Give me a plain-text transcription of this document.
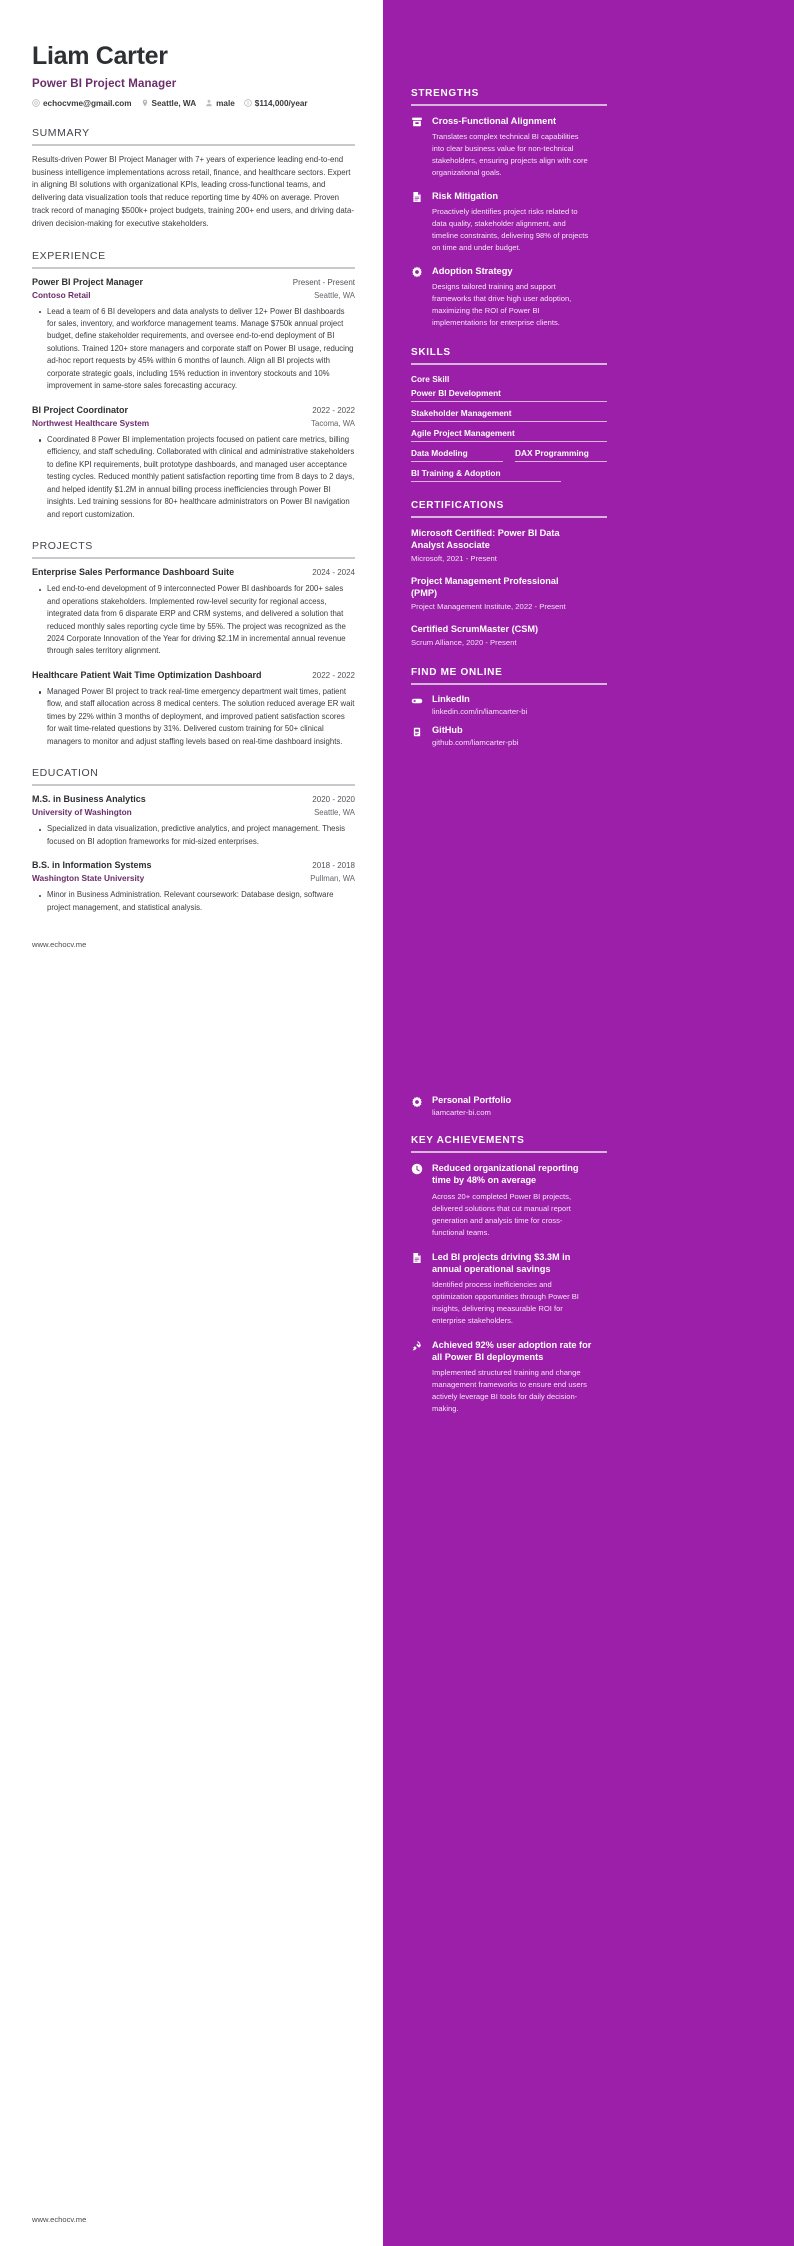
Liam Carter
Power BI Project Manager
echocvme@gmail.com Seattle, WA male $114,000/year
SUMMARY
Results-driven Power BI Project Manager with 7+ years of experience leading end-to-end business intelligence implementations across retail, finance, and healthcare sectors. Expert in aligning BI solutions with organizational KPIs, leading cross-functional teams, and delivering data visualization tools that reduce reporting time by 40% on average. Proven track record of managing $500k+ project budgets, training 200+ end users, and driving data-driven decision-making for executive stakeholders.
EXPERIENCE
Power BI Project Manager	Present - Present
Contoso Retail	Seattle, WA
Lead a team of 6 BI developers and data analysts to deliver 12+ Power BI dashboards for sales, inventory, and workforce management teams. Manage $750k annual project budget, define stakeholder requirements, and oversee end-to-end deployment of BI solutions. Trained 120+ store managers and corporate staff on Power BI usage, reducing ad-hoc report requests by 45% within 6 months of launch. Align all BI projects with corporate strategic goals, including 15% reduction in inventory stockouts and 10% improvement in same-store sales forecasting accuracy.
BI Project Coordinator	2022 - 2022
Northwest Healthcare System	Tacoma, WA
Coordinated 8 Power BI implementation projects focused on patient care metrics, billing efficiency, and staff scheduling. Collaborated with clinical and administrative stakeholders to define KPI requirements, built prototype dashboards, and managed user acceptance testing cycles. Reduced monthly patient satisfaction reporting time from 8 days to 2 days, and helped identify $1.2M in annual billing process inefficiencies through Power BI insights. Led training sessions for 80+ healthcare administrators on Power BI navigation and report customization.
PROJECTS
Enterprise Sales Performance Dashboard Suite	2024 - 2024
Led end-to-end development of 9 interconnected Power BI dashboards for 200+ sales and operations stakeholders. Implemented row-level security for regional access, integrated data from 6 disparate ERP and CRM systems, and delivered a solution that reduced monthly sales reporting cycle time by 55%. The project was recognized as the 2024 Corporate Innovation of the Year for driving $2.1M in incremental annual revenue through sales territory alignment.
Healthcare Patient Wait Time Optimization Dashboard	2022 - 2022
Managed Power BI project to track real-time emergency department wait times, patient flow, and staff allocation across 8 medical centers. The solution reduced average ER wait times by 22% within 3 months of deployment, and improved patient satisfaction scores for wait time-related questions by 31%. Delivered custom training for 50+ clinical managers to monitor and adjust staffing levels based on real-time dashboard insights.
EDUCATION
M.S. in Business Analytics	2020 - 2020
University of Washington	Seattle, WA
Specialized in data visualization, predictive analytics, and project management. Thesis focused on BI adoption frameworks for mid-sized enterprises.
B.S. in Information Systems	2018 - 2018
Washington State University	Pullman, WA
Minor in Business Administration. Relevant coursework: Database design, software project management, and statistical analysis.
www.echocv.me
STRENGTHS
Cross-Functional Alignment
Translates complex technical BI capabilities into clear business value for non-technical stakeholders, ensuring projects align with core organizational goals.
Risk Mitigation
Proactively identifies project risks related to data quality, stakeholder alignment, and timeline constraints, delivering 98% of projects on time and under budget.
Adoption Strategy
Designs tailored training and support frameworks that drive high user adoption, maximizing the ROI of Power BI implementations for enterprise clients.
SKILLS
Core Skill
Power BI Development
Stakeholder Management
Agile Project Management
Data Modeling	DAX Programming
BI Training & Adoption
CERTIFICATIONS
Microsoft Certified: Power BI Data Analyst Associate
Microsoft, 2021 - Present
Project Management Professional (PMP)
Project Management Institute, 2022 - Present
Certified ScrumMaster (CSM)
Scrum Alliance, 2020 - Present
FIND ME ONLINE
LinkedIn
linkedin.com/in/liamcarter-bi
GitHub
github.com/liamcarter-pbi
Personal Portfolio
liamcarter-bi.com
KEY ACHIEVEMENTS
Reduced organizational reporting time by 48% on average
Across 20+ completed Power BI projects, delivered solutions that cut manual report generation and analysis time for cross-functional teams.
Led BI projects driving $3.3M in annual operational savings
Identified process inefficiencies and optimization opportunities through Power BI insights, delivering measurable ROI for enterprise stakeholders.
Achieved 92% user adoption rate for all Power BI deployments
Implemented structured training and change management frameworks to ensure end users actively leverage BI tools for daily decision-making.
www.echocv.me
